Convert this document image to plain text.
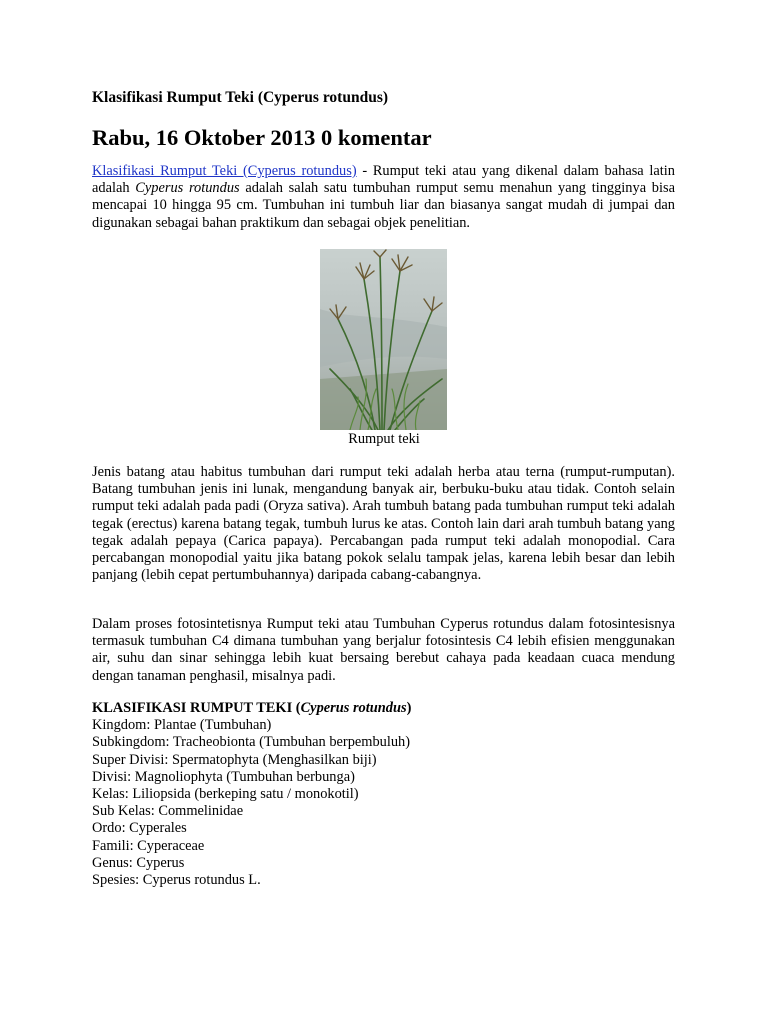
Klasifikasi Rumput Teki (Cyperus rotundus)
Rabu, 16 Oktober 2013 0 komentar

Klasifikasi Rumput Teki (Cyperus rotundus) - Rumput teki atau yang dikenal dalam bahasa latin adalah Cyperus rotundus adalah salah satu tumbuhan rumput semu menahun yang tingginya bisa mencapai 10 hingga 95 cm. Tumbuhan ini tumbuh liar dan biasanya sangat mudah di jumpai dan digunakan sebagai bahan praktikum dan sebagai objek penelitian.

Rumput teki

Jenis batang atau habitus tumbuhan dari rumput teki adalah herba atau terna (rumput-rumputan). Batang tumbuhan jenis ini lunak, mengandung banyak air, berbuku-buku atau tidak. Contoh selain rumput teki adalah pada padi (Oryza sativa). Arah tumbuh batang pada tumbuhan rumput teki adalah tegak (erectus) karena batang tegak, tumbuh lurus ke atas. Contoh lain dari arah tumbuh batang yang tegak adalah pepaya (Carica papaya). Percabangan pada rumput teki adalah monopodial. Cara percabangan monopodial yaitu jika batang pokok selalu tampak jelas, karena lebih besar dan lebih panjang (lebih cepat pertumbuhannya) daripada cabang-cabangnya.

Dalam proses fotosintetisnya Rumput teki atau Tumbuhan Cyperus rotundus dalam fotosintesisnya termasuk tumbuhan C4 dimana tumbuhan yang berjalur fotosintesis C4 lebih efisien menggunakan air, suhu dan sinar sehingga lebih kuat bersaing berebut cahaya pada keadaan cuaca mendung dengan tanaman penghasil, misalnya padi.

KLASIFIKASI RUMPUT TEKI (Cyperus rotundus)
Kingdom: Plantae (Tumbuhan)
Subkingdom: Tracheobionta (Tumbuhan berpembuluh)
Super Divisi: Spermatophyta (Menghasilkan biji)
Divisi: Magnoliophyta (Tumbuhan berbunga)
Kelas: Liliopsida (berkeping satu / monokotil)
Sub Kelas: Commelinidae
Ordo: Cyperales
Famili: Cyperaceae
Genus: Cyperus
Spesies: Cyperus rotundus L.
